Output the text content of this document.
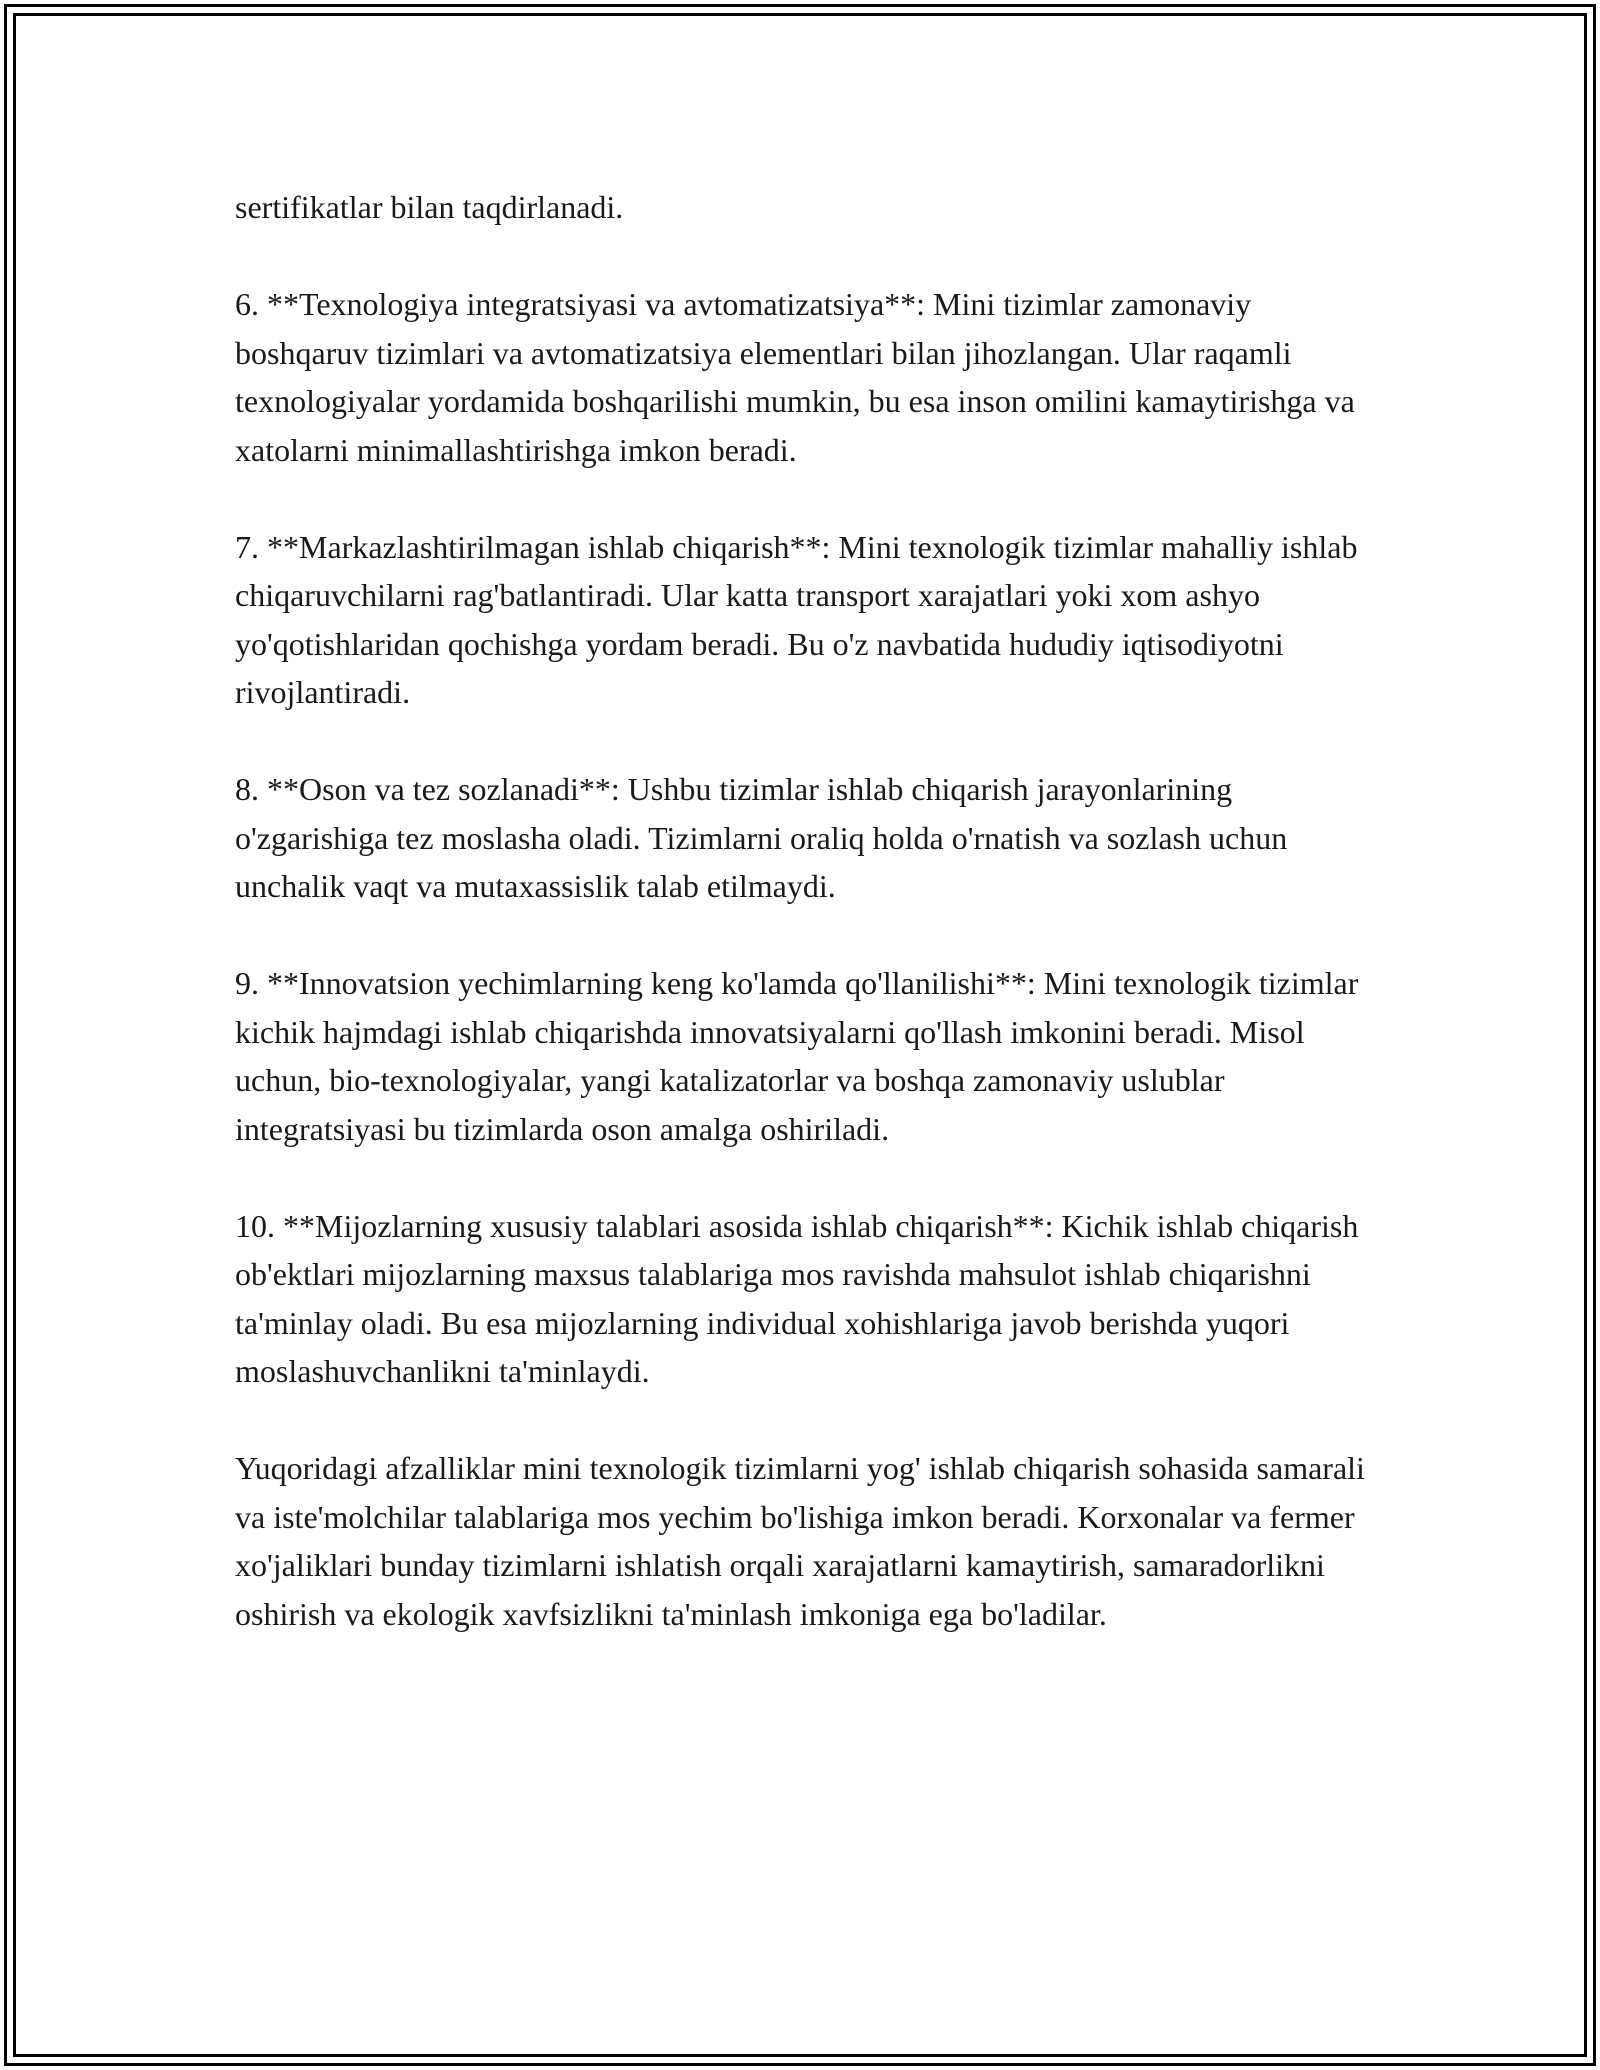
sertifikatlar bilan taqdirlanadi.

6. **Texnologiya integratsiyasi va avtomatizatsiya**: Mini tizimlar zamonaviy boshqaruv tizimlari va avtomatizatsiya elementlari bilan jihozlangan. Ular raqamli texnologiyalar yordamida boshqarilishi mumkin, bu esa inson omilini kamaytirishga va xatolarni minimallashtirishga imkon beradi.

7. **Markazlashtirilmagan ishlab chiqarish**: Mini texnologik tizimlar mahalliy ishlab chiqaruvchilarni rag'batlantiradi. Ular katta transport xarajatlari yoki xom ashyo yo'qotishlaridan qochishga yordam beradi. Bu o'z navbatida hududiy iqtisodiyotni rivojlantiradi.

8. **Oson va tez sozlanadi**: Ushbu tizimlar ishlab chiqarish jarayonlarining o'zgarishiga tez moslasha oladi. Tizimlarni oraliq holda o'rnatish va sozlash uchun unchalik vaqt va mutaxassislik talab etilmaydi.

9. **Innovatsion yechimlarning keng ko'lamda qo'llanilishi**: Mini texnologik tizimlar kichik hajmdagi ishlab chiqarishda innovatsiyalarni qo'llash imkonini beradi. Misol uchun, bio-texnologiyalar, yangi katalizatorlar va boshqa zamonaviy uslublar integratsiyasi bu tizimlarda oson amalga oshiriladi.

10. **Mijozlarning xususiy talablari asosida ishlab chiqarish**: Kichik ishlab chiqarish ob'ektlari mijozlarning maxsus talablariga mos ravishda mahsulot ishlab chiqarishni ta'minlay oladi. Bu esa mijozlarning individual xohishlariga javob berishda yuqori moslashuvchanlikni ta'minlaydi.

Yuqoridagi afzalliklar mini texnologik tizimlarni yog' ishlab chiqarish sohasida samarali va iste'molchilar talablariga mos yechim bo'lishiga imkon beradi. Korxonalar va fermer xo'jaliklari bunday tizimlarni ishlatish orqali xarajatlarni kamaytirish, samaradorlikni oshirish va ekologik xavfsizlikni ta'minlash imkoniga ega bo'ladilar.
